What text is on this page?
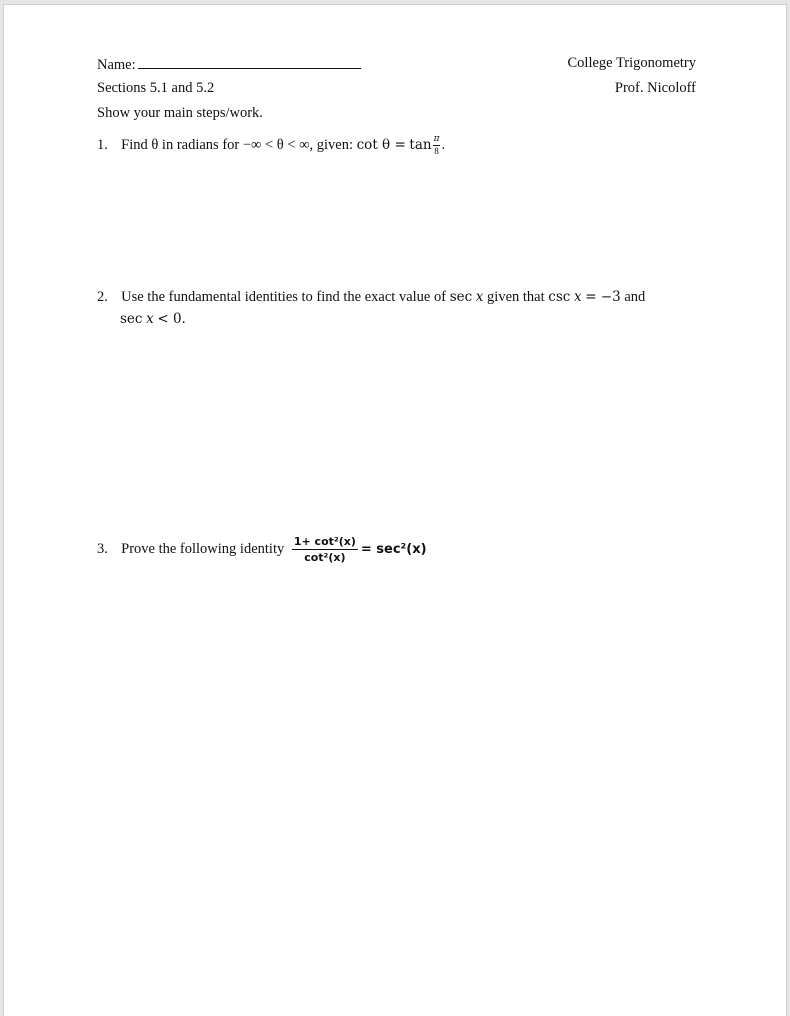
Name:	College Trigonometry
Sections 5.1 and 5.2	Prof. Nicoloff
Show your main steps/work.
1. Find θ in radians for −∞ < θ < ∞, given: $\cot \theta = \tan \frac{\pi}{8}$ .
2. Use the fundamental identities to find the exact value of sec x given that csc x = −3 and
sec x < 0.
3. Prove the following identity $\frac{\text{1+ cot²(x)}}{\text{cot²(x)}} = \sec^2(x)$
